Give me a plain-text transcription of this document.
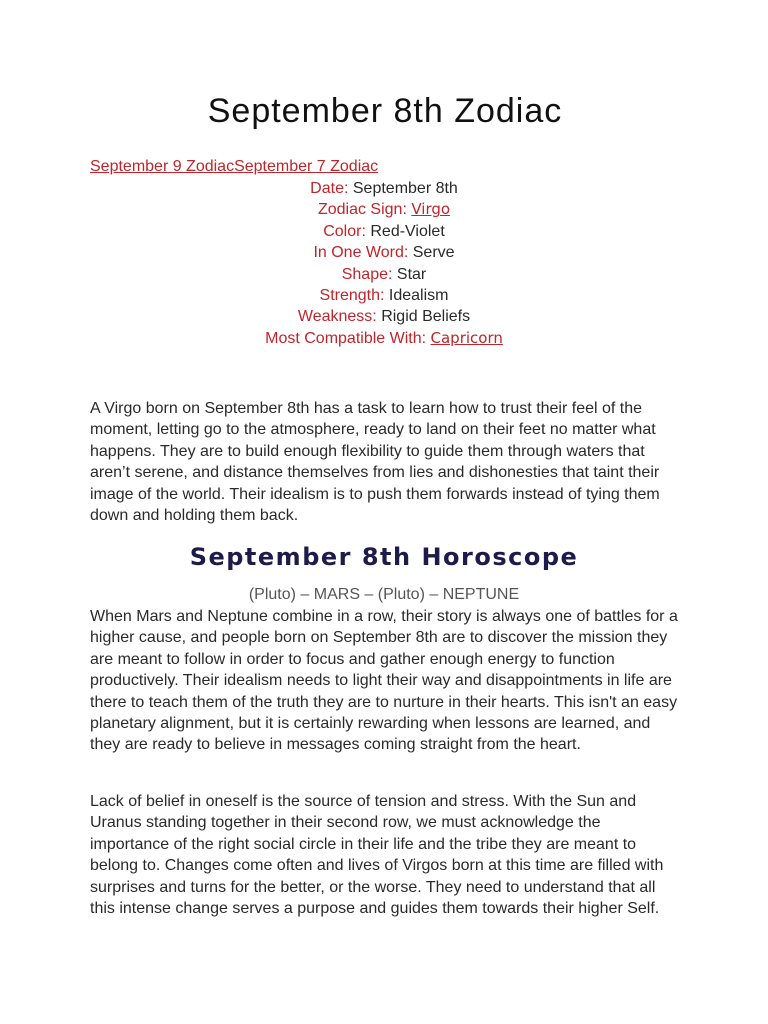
September 8th Zodiac
September 9 ZodiacSeptember 7 Zodiac
Date: September 8th
Zodiac Sign: Virgo
Color: Red-Violet
In One Word: Serve
Shape: Star
Strength: Idealism
Weakness: Rigid Beliefs
Most Compatible With: Capricorn

A Virgo born on September 8th has a task to learn how to trust their feel of the moment, letting go to the atmosphere, ready to land on their feet no matter what happens. They are to build enough flexibility to guide them through waters that aren’t serene, and distance themselves from lies and dishonesties that taint their image of the world. Their idealism is to push them forwards instead of tying them down and holding them back.

September 8th Horoscope
(Pluto) – MARS – (Pluto) – NEPTUNE

When Mars and Neptune combine in a row, their story is always one of battles for a higher cause, and people born on September 8th are to discover the mission they are meant to follow in order to focus and gather enough energy to function productively. Their idealism needs to light their way and disappointments in life are there to teach them of the truth they are to nurture in their hearts. This isn't an easy planetary alignment, but it is certainly rewarding when lessons are learned, and they are ready to believe in messages coming straight from the heart.

Lack of belief in oneself is the source of tension and stress. With the Sun and Uranus standing together in their second row, we must acknowledge the importance of the right social circle in their life and the tribe they are meant to belong to. Changes come often and lives of Virgos born at this time are filled with surprises and turns for the better, or the worse. They need to understand that all this intense change serves a purpose and guides them towards their higher Self.
